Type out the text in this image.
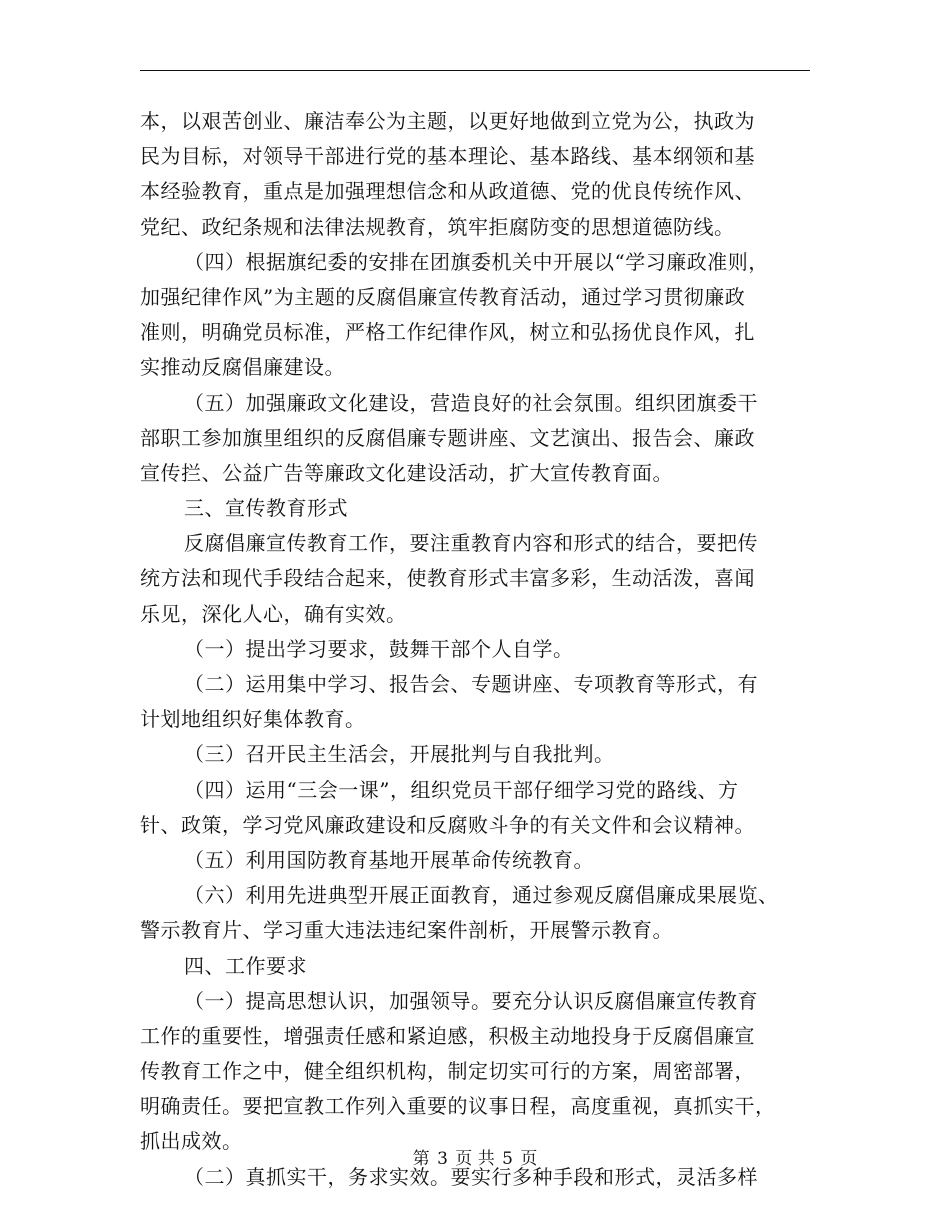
本，以艰苦创业、廉洁奉公为主题，以更好地做到立党为公，执政为
民为目标，对领导干部进行党的基本理论、基本路线、基本纲领和基
本经验教育，重点是加强理想信念和从政道德、党的优良传统作风、
党纪、政纪条规和法律法规教育，筑牢拒腐防变的思想道德防线。
（四）根据旗纪委的安排在团旗委机关中开展以“学习廉政准则，
加强纪律作风”为主题的反腐倡廉宣传教育活动，通过学习贯彻廉政
准则，明确党员标准，严格工作纪律作风，树立和弘扬优良作风，扎
实推动反腐倡廉建设。
（五）加强廉政文化建设，营造良好的社会氛围。组织团旗委干
部职工参加旗里组织的反腐倡廉专题讲座、文艺演出、报告会、廉政
宣传拦、公益广告等廉政文化建设活动，扩大宣传教育面。
三、宣传教育形式
反腐倡廉宣传教育工作，要注重教育内容和形式的结合，要把传
统方法和现代手段结合起来，使教育形式丰富多彩，生动活泼，喜闻
乐见，深化人心，确有实效。
（一）提出学习要求，鼓舞干部个人自学。
（二）运用集中学习、报告会、专题讲座、专项教育等形式，有
计划地组织好集体教育。
（三）召开民主生活会，开展批判与自我批判。
（四）运用“三会一课”，组织党员干部仔细学习党的路线、方
针、政策，学习党风廉政建设和反腐败斗争的有关文件和会议精神。
（五）利用国防教育基地开展革命传统教育。
（六）利用先进典型开展正面教育，通过参观反腐倡廉成果展览、
警示教育片、学习重大违法违纪案件剖析，开展警示教育。
四、工作要求
（一）提高思想认识，加强领导。要充分认识反腐倡廉宣传教育
工作的重要性，增强责任感和紧迫感，积极主动地投身于反腐倡廉宣
传教育工作之中，健全组织机构，制定切实可行的方案，周密部署，
明确责任。要把宣教工作列入重要的议事日程，高度重视，真抓实干，
抓出成效。
（二）真抓实干，务求实效。要实行多种手段和形式，灵活多样
第 3 页 共 5 页
